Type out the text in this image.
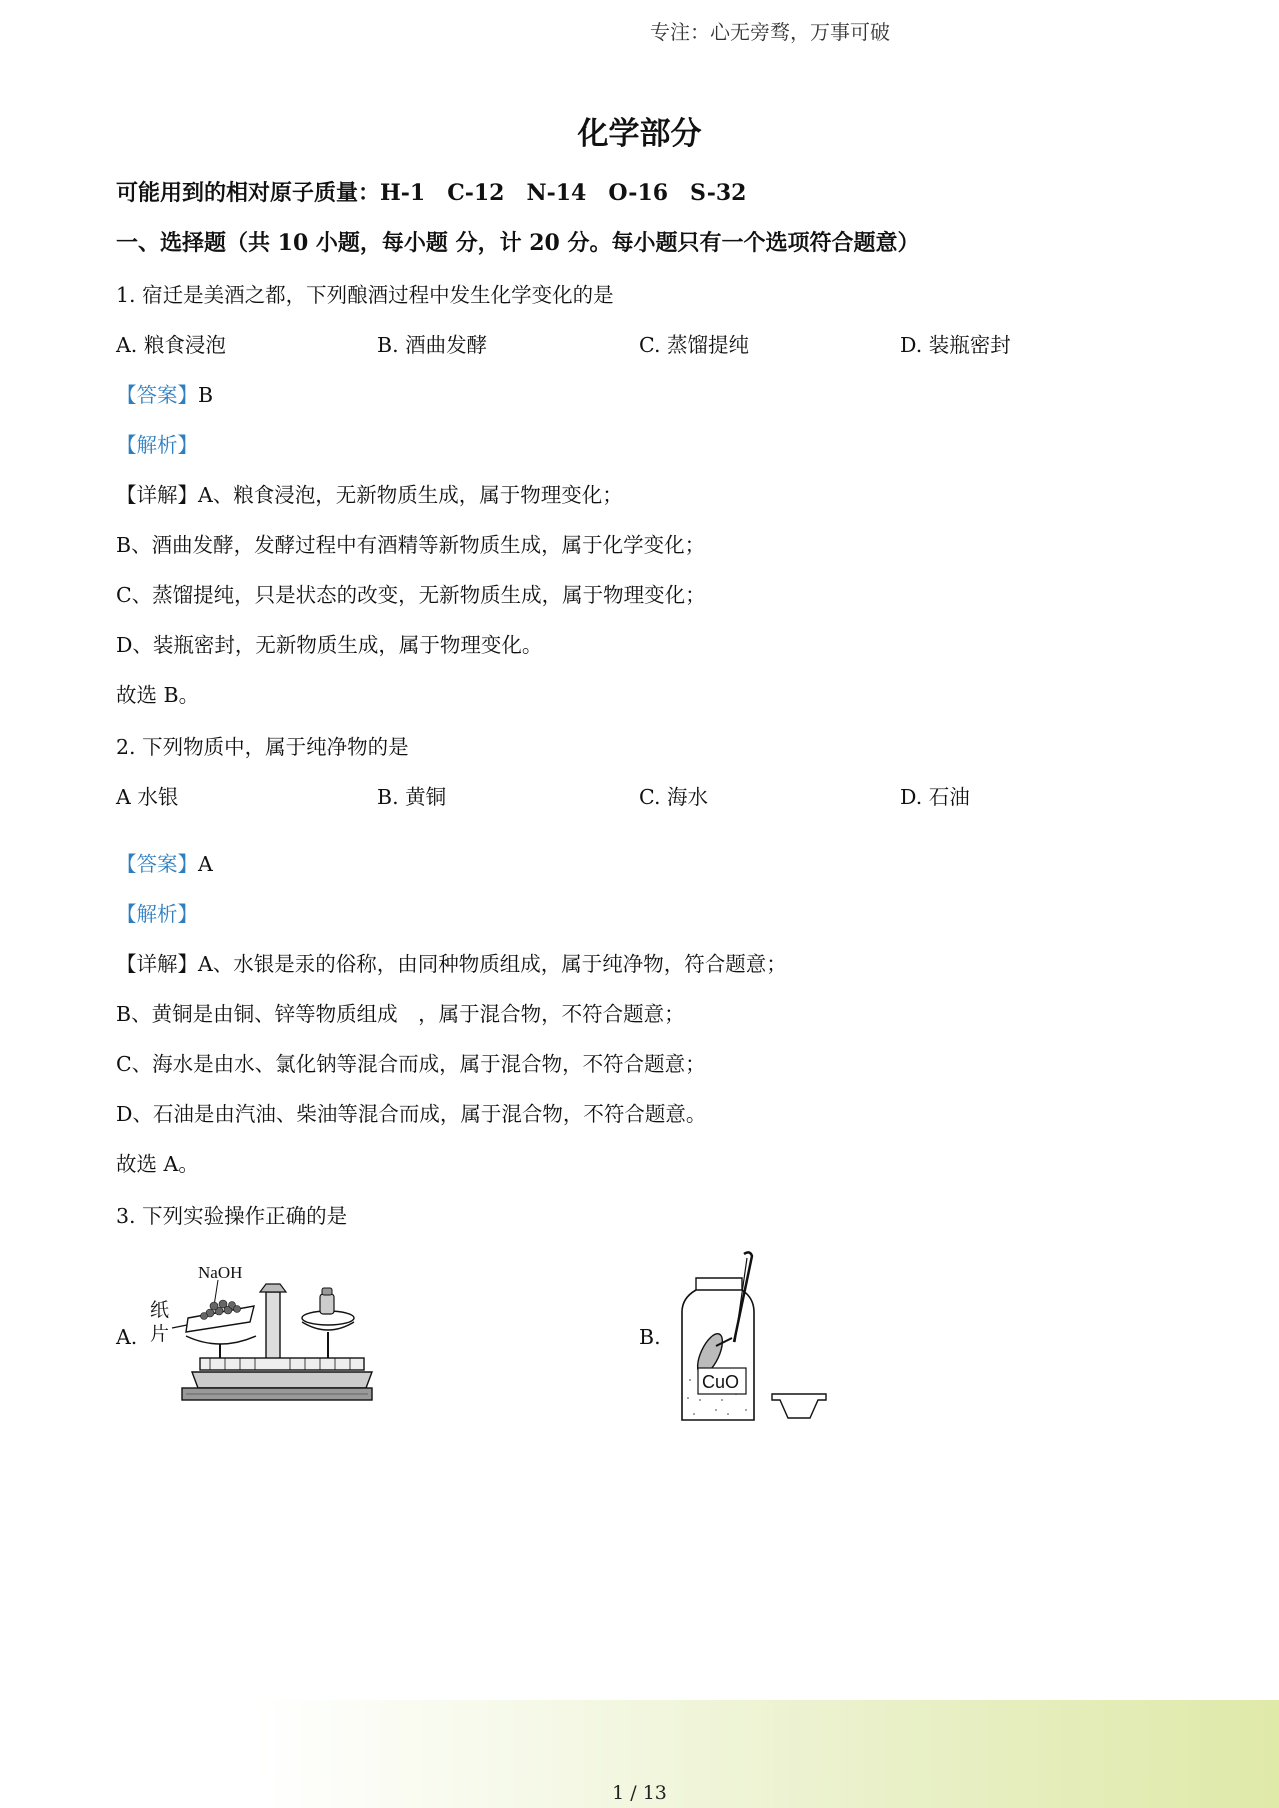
专注：心无旁骛，万事可破
化学部分
可能用到的相对原子质量：H-1　C-12　N-14　O-16　S-32
一、选择题（共 10 小题，每小题 分，计 20 分。每小题只有一个选项符合题意）
1. 宿迁是美酒之都，下列酿酒过程中发生化学变化的是
A. 粮食浸泡	B. 酒曲发酵	C. 蒸馏提纯	D. 装瓶密封
【答案】B
【解析】
【详解】A、粮食浸泡，无新物质生成，属于物理变化；
B、酒曲发酵，发酵过程中有酒精等新物质生成，属于化学变化；
C、蒸馏提纯，只是状态的改变，无新物质生成，属于物理变化；
D、装瓶密封，无新物质生成，属于物理变化。
故选 B。
2. 下列物质中，属于纯净物的是
A 水银	B. 黄铜	C. 海水	D. 石油
【答案】A
【解析】
【详解】A、水银是汞的俗称，由同种物质组成，属于纯净物，符合题意；
B、黄铜是由铜、锌等物质组成　，属于混合物，不符合题意；
C、海水是由水、氯化钠等混合而成，属于混合物，不符合题意；
D、石油是由汽油、柴油等混合而成，属于混合物，不符合题意。
故选 A。
3. 下列实验操作正确的是
A.	B.
NaOH
纸
片
CuO
1 / 13
